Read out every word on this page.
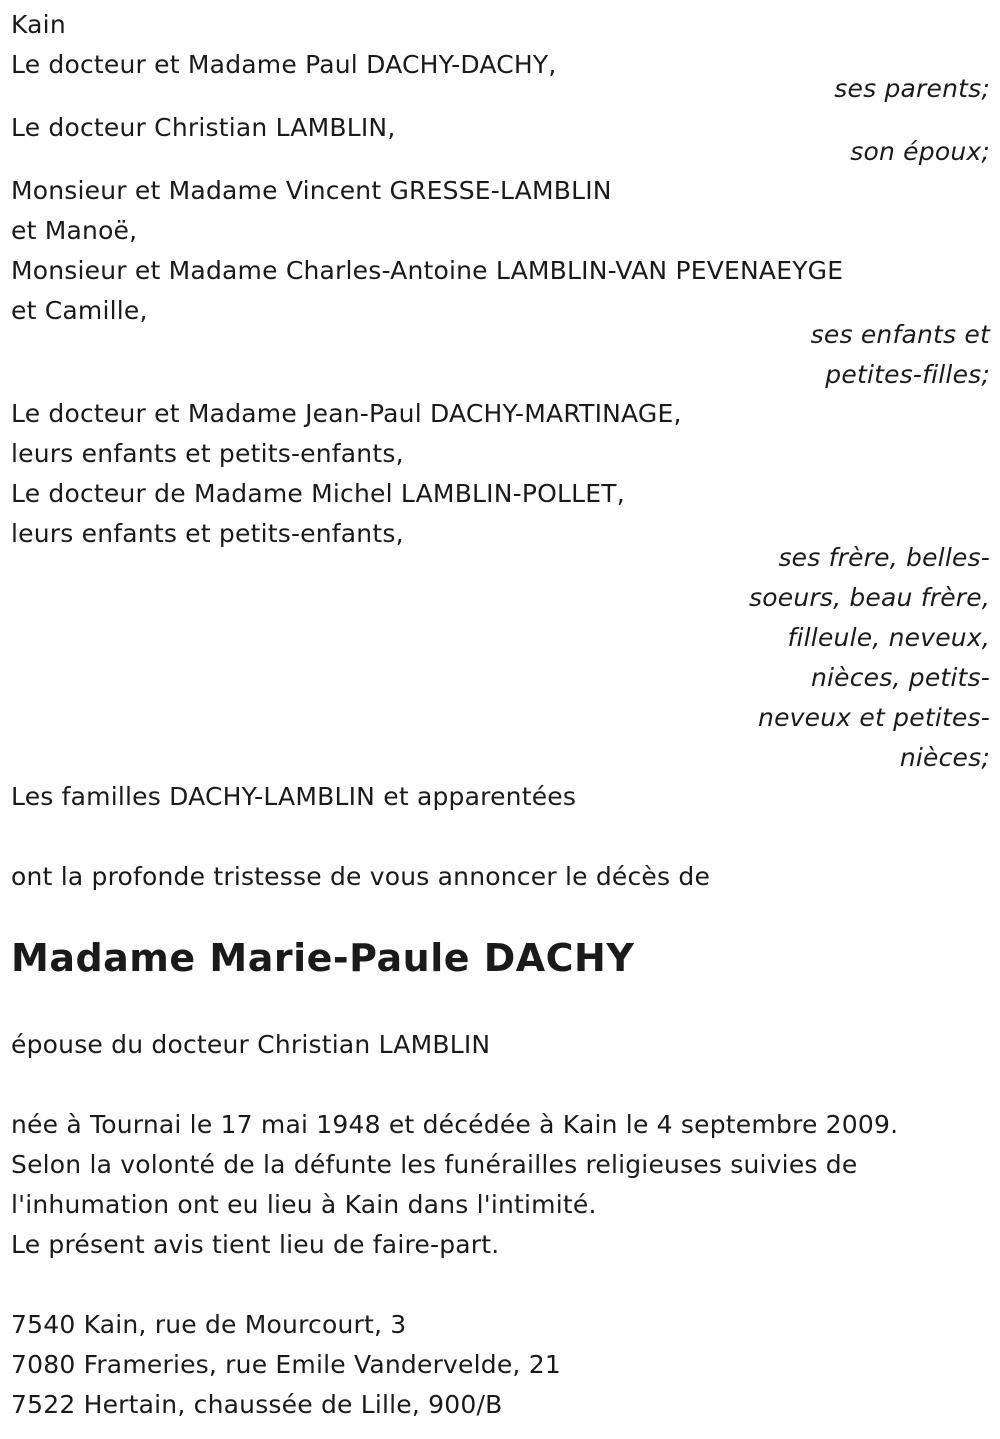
Kain
Le docteur et Madame Paul DACHY-DACHY,
ses parents;
Le docteur Christian LAMBLIN,
son époux;
Monsieur et Madame Vincent GRESSE-LAMBLIN
et Manoë,
Monsieur et Madame Charles-Antoine LAMBLIN-VAN PEVENAEYGE
et Camille,
ses enfants et
petites-filles;
Le docteur et Madame Jean-Paul DACHY-MARTINAGE,
leurs enfants et petits-enfants,
Le docteur de Madame Michel LAMBLIN-POLLET,
leurs enfants et petits-enfants,
ses frère, belles-
soeurs, beau frère,
filleule, neveux,
nièces, petits-
neveux et petites-
nièces;
Les familles DACHY-LAMBLIN et apparentées
ont la profonde tristesse de vous annoncer le décès de
Madame Marie-Paule DACHY
épouse du docteur Christian LAMBLIN
née à Tournai le 17 mai 1948 et décédée à Kain le 4 septembre 2009.
Selon la volonté de la défunte les funérailles religieuses suivies de
l'inhumation ont eu lieu à Kain dans l'intimité.
Le présent avis tient lieu de faire-part.
7540 Kain, rue de Mourcourt, 3
7080 Frameries, rue Emile Vandervelde, 21
7522 Hertain, chaussée de Lille, 900/B
